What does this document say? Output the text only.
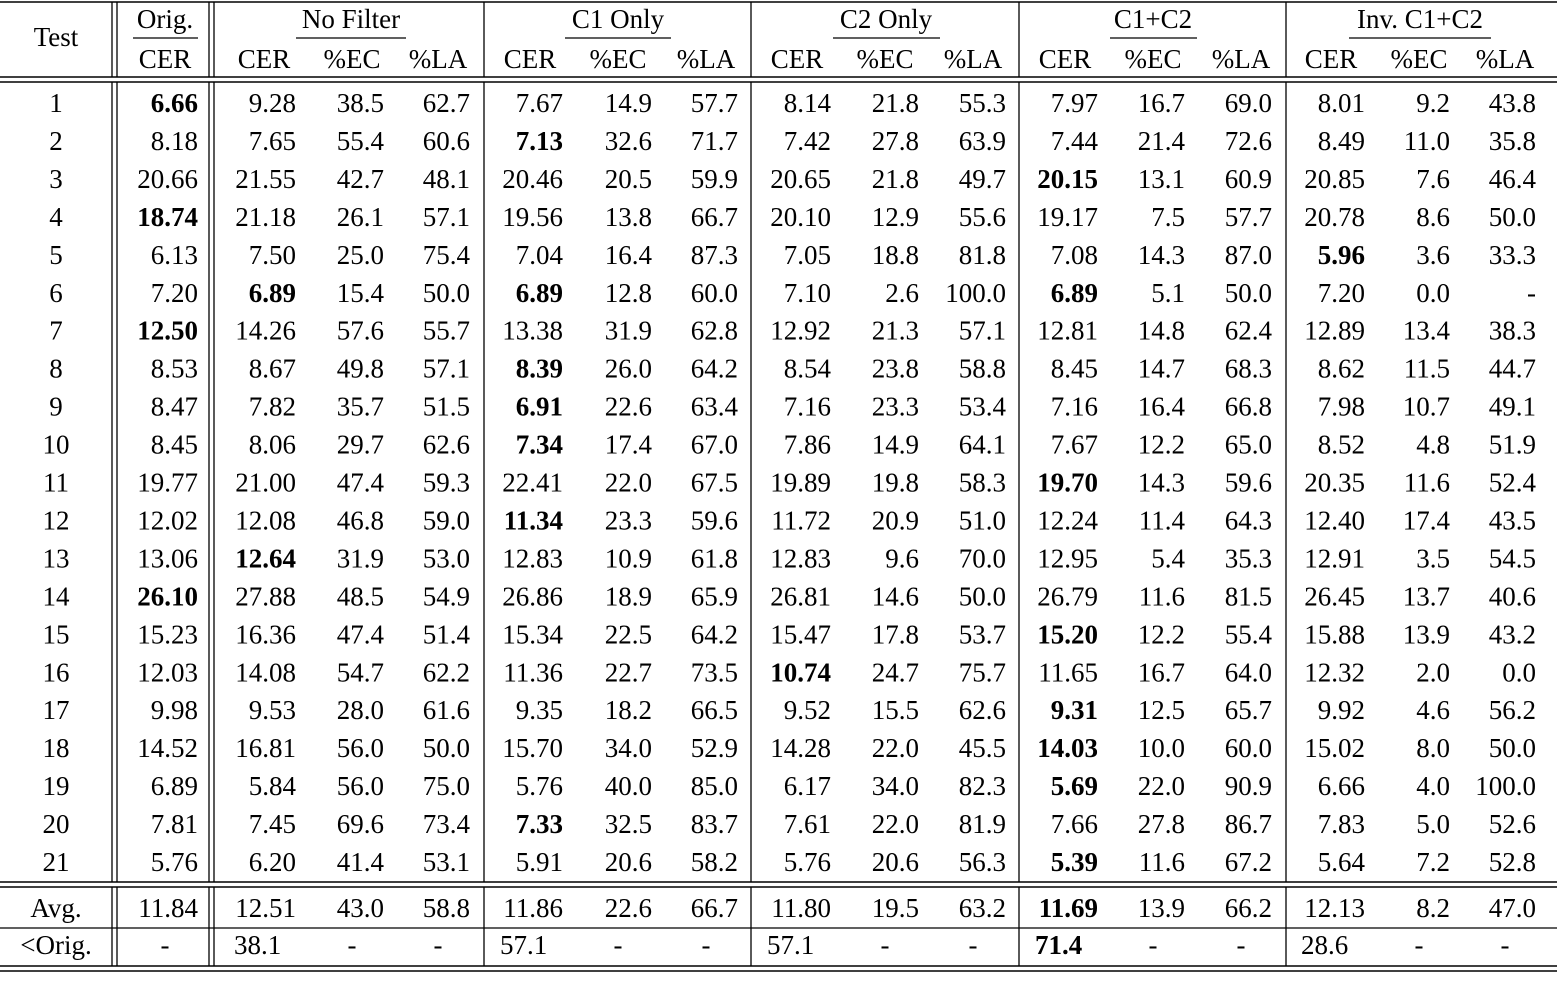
Test
Orig.	No Filter	C1 Only	C2 Only	C1+C2	Inv. C1+C2
CER CER %EC %LA CER %EC %LA CER %EC %LA CER %EC %LA CER %EC %LA
1	6.66 9.28 38.5 62.7 7.67 14.9 57.7 8.14 21.8 55.3 7.97 16.7 69.0 8.01 9.2 43.8
2	8.18 7.65 55.4 60.6 7.13 32.6 71.7 7.42 27.8 63.9 7.44 21.4 72.6 8.49 11.0 35.8
3	20.66 21.55 42.7 48.1 20.46 20.5 59.9 20.65 21.8 49.7 20.15 13.1 60.9 20.85 7.6 46.4
4	18.74 21.18 26.1 57.1 19.56 13.8 66.7 20.10 12.9 55.6 19.17 7.5 57.7 20.78 8.6 50.0
5	6.13 7.50 25.0 75.4 7.04 16.4 87.3 7.05 18.8 81.8 7.08 14.3 87.0 5.96 3.6 33.3
6	7.20 6.89 15.4 50.0 6.89 12.8 60.0 7.10 2.6 100.0 6.89 5.1 50.0 7.20 0.0	-
7	12.50 14.26 57.6 55.7 13.38 31.9 62.8 12.92 21.3 57.1 12.81 14.8 62.4 12.89 13.4 38.3
8	8.53 8.67 49.8 57.1 8.39 26.0 64.2 8.54 23.8 58.8 8.45 14.7 68.3 8.62 11.5 44.7
9	8.47 7.82 35.7 51.5 6.91 22.6 63.4 7.16 23.3 53.4 7.16 16.4 66.8 7.98 10.7 49.1
10	8.45 8.06 29.7 62.6 7.34 17.4 67.0 7.86 14.9 64.1 7.67 12.2 65.0 8.52 4.8 51.9
11	19.77 21.00 47.4 59.3 22.41 22.0 67.5 19.89 19.8 58.3 19.70 14.3 59.6 20.35 11.6 52.4
12	12.02 12.08 46.8 59.0 11.34 23.3 59.6 11.72 20.9 51.0 12.24 11.4 64.3 12.40 17.4 43.5
13	13.06 12.64 31.9 53.0 12.83 10.9 61.8 12.83 9.6 70.0 12.95 5.4 35.3 12.91 3.5 54.5
14	26.10 27.88 48.5 54.9 26.86 18.9 65.9 26.81 14.6 50.0 26.79 11.6 81.5 26.45 13.7 40.6
15	15.23 16.36 47.4 51.4 15.34 22.5 64.2 15.47 17.8 53.7 15.20 12.2 55.4 15.88 13.9 43.2
16	12.03 14.08 54.7 62.2 11.36 22.7 73.5 10.74 24.7 75.7 11.65 16.7 64.0 12.32 2.0 0.0
17	9.98 9.53 28.0 61.6 9.35 18.2 66.5 9.52 15.5 62.6 9.31 12.5 65.7 9.92 4.6 56.2
18	14.52 16.81 56.0 50.0 15.70 34.0 52.9 14.28 22.0 45.5 14.03 10.0 60.0 15.02 8.0 50.0
19	6.89 5.84 56.0 75.0 5.76 40.0 85.0 6.17 34.0 82.3 5.69 22.0 90.9 6.66 4.0 100.0
20	7.81 7.45 69.6 73.4 7.33 32.5 83.7 7.61 22.0 81.9 7.66 27.8 86.7 7.83 5.0 52.6
21	5.76 6.20 41.4 53.1 5.91 20.6 58.2 5.76 20.6 56.3 5.39 11.6 67.2 5.64 7.2 52.8
Avg. 11.84 12.51 43.0 58.8 11.86 22.6 66.7 11.80 19.5 63.2 11.69 13.9 66.2 12.13 8.2 47.0
<Orig.	- 38.1 -	- 57.1 -	- 57.1 -	- 71.4 -	- 28.6 -	-
